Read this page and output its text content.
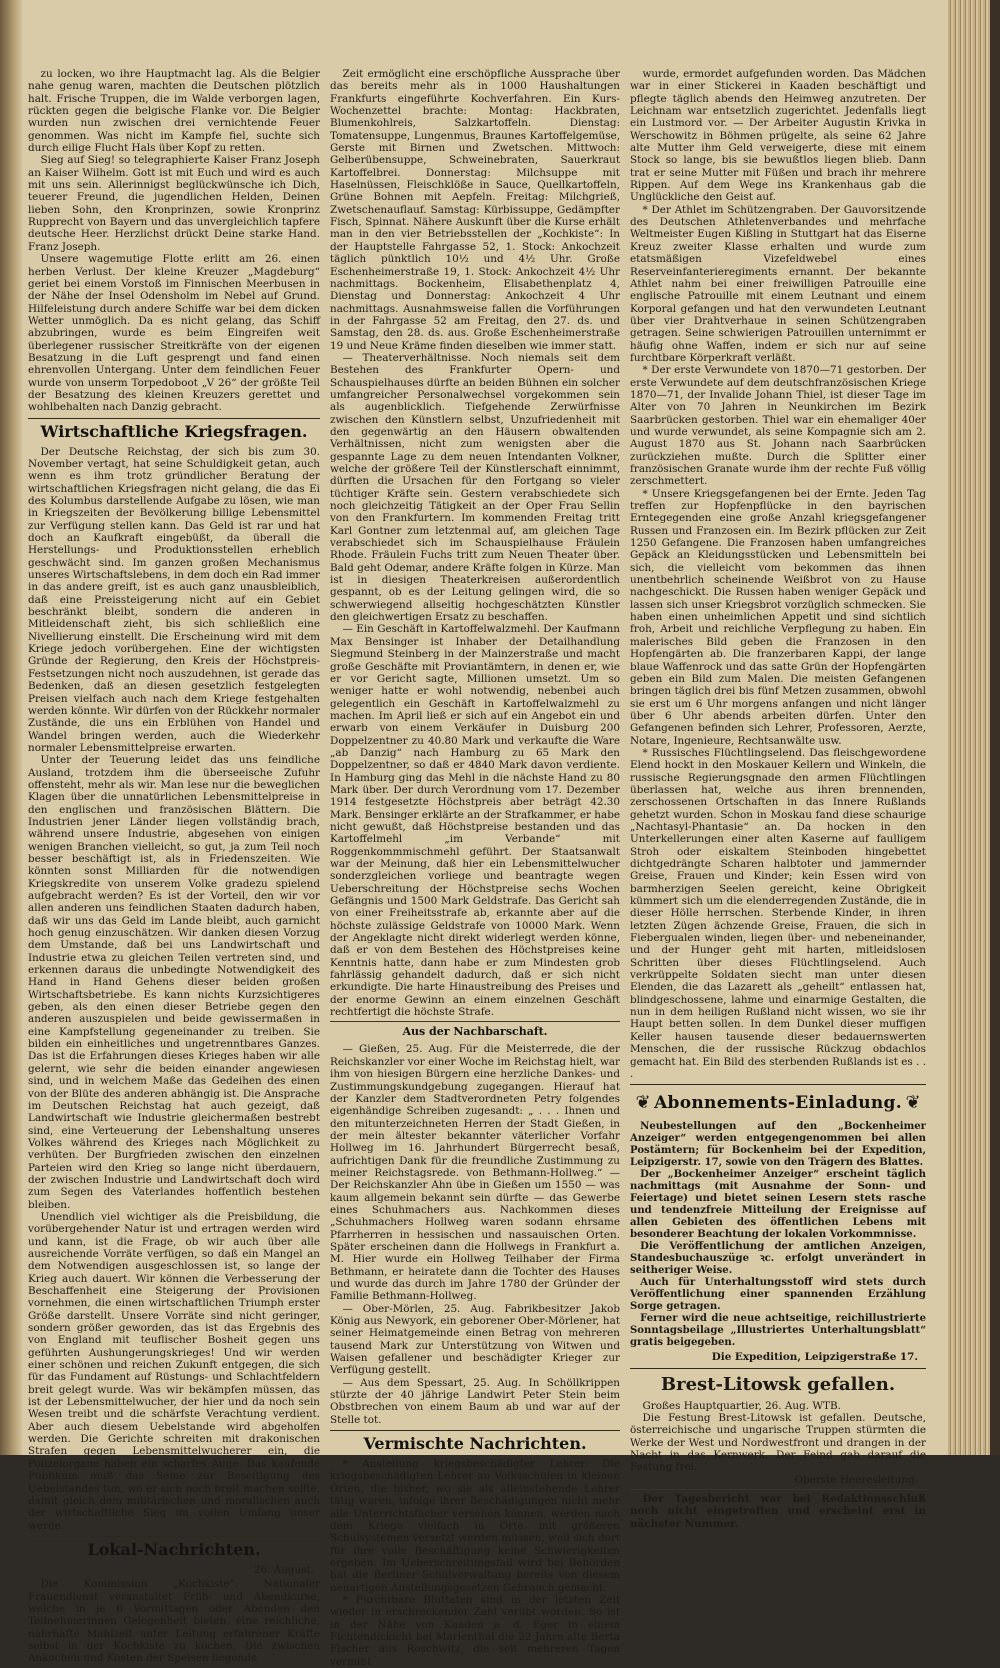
zu locken, wo ihre Hauptmacht lag. Als die Belgier nahe genug waren, machten die Deutschen plötzlich halt. Frische Truppen, die im Walde verborgen lagen, rückten gegen die belgische Flanke vor. Die Belgier wurden nun zwischen drei vernichtende Feuer genommen. Was nicht im Kampfe fiel, suchte sich durch eilige Flucht Hals über Kopf zu retten.

Sieg auf Sieg! so telegraphierte Kaiser Franz Joseph an Kaiser Wilhelm. Gott ist mit Euch und wird es auch mit uns sein. Allerinnigst beglückwünsche ich Dich, teuerer Freund, die jugendlichen Helden, Deinen lieben Sohn, den Kronprinzen, sowie Kronprinz Rupprecht von Bayern und das unvergleichlich tapfere deutsche Heer. Herzlichst drückt Deine starke Hand. Franz Joseph.

Unsere wagemutige Flotte erlitt am 26. einen herben Verlust. Der kleine Kreuzer „Magdeburg“ geriet bei einem Vorstoß im Finnischen Meerbusen in der Nähe der Insel Odensholm im Nebel auf Grund. Hilfeleistung durch andere Schiffe war bei dem dicken Wetter unmöglich. Da es nicht gelang, das Schiff abzubringen, wurde es beim Eingreifen weit überlegener russischer Streitkräfte von der eigenen Besatzung in die Luft gesprengt und fand einen ehrenvollen Untergang. Unter dem feindlichen Feuer wurde von unserm Torpedoboot „V 26“ der größte Teil der Besatzung des kleinen Kreuzers gerettet und wohlbehalten nach Danzig gebracht.

Wirtschaftliche Kriegsfragen.

Der Deutsche Reichstag, der sich bis zum 30. November vertagt, hat seine Schuldigkeit getan, auch wenn es ihm trotz gründlicher Beratung der wirtschaftlichen Kriegsfragen nicht gelang, die das Ei des Kolumbus darstellende Aufgabe zu lösen, wie man in Kriegszeiten der Bevölkerung billige Lebensmittel zur Verfügung stellen kann. Das Geld ist rar und hat doch an Kaufkraft eingebüßt, da überall die Herstellungs- und Produktionsstellen erheblich geschwächt sind. Im ganzen großen Mechanismus unseres Wirtschaftslebens, in dem doch ein Rad immer in das andere greift, ist es auch ganz unausbleiblich, daß eine Preissteigerung nicht auf ein Gebiet beschränkt bleibt, sondern die anderen in Mitleidenschaft zieht, bis sich schließlich eine Nivellierung einstellt. Die Erscheinung wird mit dem Kriege jedoch vorübergehen. Eine der wichtigsten Gründe der Regierung, den Kreis der Höchstpreis-Festsetzungen nicht noch auszudehnen, ist gerade das Bedenken, daß an diesen gesetzlich festgelegten Preisen vielfach auch nach dem Kriege festgehalten werden könnte. Wir dürfen von der Rückkehr normaler Zustände, die uns ein Erblühen von Handel und Wandel bringen werden, auch die Wiederkehr normaler Lebensmittelpreise erwarten.

Unter der Teuerung leidet das uns feindliche Ausland, trotzdem ihm die überseeische Zufuhr offensteht, mehr als wir. Man lese nur die beweglichen Klagen über die unnatürlichen Lebensmittelpreise in den englischen und französischen Blättern. Die Industrien jener Länder liegen vollständig brach, während unsere Industrie, abgesehen von einigen wenigen Branchen vielleicht, so gut, ja zum Teil noch besser beschäftigt ist, als in Friedenszeiten. Wie könnten sonst Milliarden für die notwendigen Kriegskredite von unserem Volke gradezu spielend aufgebracht werden? Es ist der Vorteil, den wir vor allen anderen uns feindlichen Staaten dadurch haben, daß wir uns das Geld im Lande bleibt, auch garnicht hoch genug einzuschätzen. Wir danken diesen Vorzug dem Umstande, daß bei uns Landwirtschaft und Industrie etwa zu gleichen Teilen vertreten sind, und erkennen daraus die unbedingte Notwendigkeit des Hand in Hand Gehens dieser beiden großen Wirtschaftsbetriebe. Es kann nichts Kurzsichtigeres geben, als den einen dieser Betriebe gegen den anderen auszuspielen und beide gewissermaßen in eine Kampfstellung gegeneinander zu treiben. Sie bilden ein einheitliches und ungetrenntbares Ganzes. Das ist die Erfahrungen dieses Krieges haben wir alle gelernt, wie sehr die beiden einander angewiesen sind, und in welchem Maße das Gedeihen des einen von der Blüte des anderen abhängig ist. Die Ansprache im Deutschen Reichstag hat auch gezeigt, daß Landwirtschaft wie Industrie gleichermaßen bestrebt sind, eine Verteuerung der Lebenshaltung unseres Volkes während des Krieges nach Möglichkeit zu verhüten. Der Burgfrieden zwischen den einzelnen Parteien wird den Krieg so lange nicht überdauern, der zwischen Industrie und Landwirtschaft doch wird zum Segen des Vaterlandes hoffentlich bestehen bleiben.

Unendlich viel wichtiger als die Preisbildung, die vorübergehender Natur ist und ertragen werden wird und kann, ist die Frage, ob wir auch über alle ausreichende Vorräte verfügen, so daß ein Mangel an dem Notwendigen ausgeschlossen ist, so lange der Krieg auch dauert. Wir können die Verbesserung der Beschaffenheit eine Steigerung der Provisionen vornehmen, die einen wirtschaftlichen Triumph erster Größe darstellt. Unsere Vorräte sind nicht geringer, sondern größer geworden, das ist das Ergebnis des von England mit teuflischer Bosheit gegen uns geführten Aushungerungskrieges! Und wir werden einer schönen und reichen Zukunft entgegen, die sich für das Fundament auf Rüstungs- und Schlachtfeldern breit gelegt wurde. Was wir bekämpfen müssen, das ist der Lebensmittelwucher, der hier und da noch sein Wesen treibt und die schärfste Verachtung verdient. Aber auch diesem Uebelstande wird abgeholfen werden. Die Gerichte schreiten mit drakonischen Strafen gegen Lebensmittelwucherer ein, die Polizeiorgane haben ein scharfes Auge. Das kaufende Publikum muß das Seine zur Beseitigung des Uebelstandes tun, wo er sich noch breit machen sollte, damit gleich dem militärischen und moralischen auch der wirtschaftliche Sieg im vollen Umfang unser werde.

Lokal-Nachrichten.
26. August.

Die Kommission „Kochkiste“, Nationaler Frauendienst veranstaltet Früh- und Abendkurse, welche in je 6 Vormittagen oder Abenden den Teilnehmerinnen Gelegenheit bieten, eine reichliche, nahrhafte Mahlzeit unter Leitung erfahrener Kräfte selbst in der Kochkiste zu kochen. Die zwischen Ankochen und Kosten der Speisen liegende

Zeit ermöglicht eine erschöpfliche Aussprache über das bereits mehr als in 1000 Haushaltungen Frankfurts eingeführte Kochverfahren. Ein Kurs-Wochenzettel brachte: Montag: Hackbraten, Blumenkohlreis, Salzkartoffeln. Dienstag: Tomatensuppe, Lungenmus, Braunes Kartoffelgemüse, Gerste mit Birnen und Zwetschen. Mittwoch: Gelberübensuppe, Schweinebraten, Sauerkraut Kartoffelbrei. Donnerstag: Milchsuppe mit Haselnüssen, Fleischklöße in Sauce, Quellkartoffeln, Grüne Bohnen mit Aepfeln. Freitag: Milchgrieß, Zwetschenauflauf. Samstag: Kürbissuppe, Gedämpfter Fisch, Spinnat. Nähere Auskunft über die Kurse erhält man in den vier Betriebsstellen der „Kochkiste“: In der Hauptstelle Fahrgasse 52, 1. Stock: Ankochzeit täglich pünktlich 10½ und 4½ Uhr. Große Eschenheimerstraße 19, 1. Stock: Ankochzeit 4½ Uhr nachmittags. Bockenheim, Elisabethenplatz 4, Dienstag und Donnerstag: Ankochzeit 4 Uhr nachmittags. Ausnahmsweise fallen die Vorführungen in der Fahrgasse 52 am Freitag, den 27. ds. und Samstag, den 28. ds. aus. Große Eschenheimerstraße 19 und Neue Kräme finden dieselben wie immer statt.

— Theaterverhältnisse. Noch niemals seit dem Bestehen des Frankfurter Opern- und Schauspielhauses dürfte an beiden Bühnen ein solcher umfangreicher Personalwechsel vorgekommen sein als augenblicklich. Tiefgehende Zerwürfnisse zwischen den Künstlern selbst, Unzufriedenheit mit den gegenwärtig an den Häusern obwaltenden Verhältnissen, nicht zum wenigsten aber die gespannte Lage zu dem neuen Intendanten Volkner, welche der größere Teil der Künstlerschaft einnimmt, dürften die Ursachen für den Fortgang so vieler tüchtiger Kräfte sein. Gestern verabschiedete sich noch gleichzeitig Tätigkeit an der Oper Frau Sellin von den Frankfurtern. Im kommenden Freitag tritt Karl Gontner zum letztenmal auf, am gleichen Tage verabschiedet sich im Schauspielhause Fräulein Rhode. Fräulein Fuchs tritt zum Neuen Theater über. Bald geht Odemar, andere Kräfte folgen in Kürze. Man ist in diesigen Theaterkreisen außerordentlich gespannt, ob es der Leitung gelingen wird, die so schwerwiegend allseitig hochgeschätzten Künstler den gleichwertigen Ersatz zu beschaffen.

— Ein Geschäft in Kartoffelwalzmehl. Der Kaufmann Max Bensinger ist Inhaber der Detailhandlung Siegmund Steinberg in der Mainzerstraße und macht große Geschäfte mit Proviantämtern, in denen er, wie er vor Gericht sagte, Millionen umsetzt. Um so weniger hatte er wohl notwendig, nebenbei auch gelegentlich ein Geschäft in Kartoffelwalzmehl zu machen. Im April ließ er sich auf ein Angebot ein und erwarb von einem Verkäufer in Duisburg 200 Doppelzentner zu 40.80 Mark und verkaufte die Ware „ab Danzig“ nach Hamburg zu 65 Mark den Doppelzentner, so daß er 4840 Mark davon verdiente. In Hamburg ging das Mehl in die nächste Hand zu 80 Mark über. Der durch Verordnung vom 17. Dezember 1914 festgesetzte Höchstpreis aber beträgt 42.30 Mark. Bensinger erklärte an der Strafkammer, er habe nicht gewußt, daß Höchstpreise bestanden und das Kartoffelmehl „im Verbande“ mit Roggenkommmischmehl geführt. Der Staatsanwalt war der Meinung, daß hier ein Lebensmittelwucher sonderzgleichen vorliege und beantragte wegen Ueberschreitung der Höchstpreise sechs Wochen Gefängnis und 1500 Mark Geldstrafe. Das Gericht sah von einer Freiheitsstrafe ab, erkannte aber auf die höchste zulässige Geldstrafe von 10000 Mark. Wenn der Angeklagte nicht direkt widerlegt werden könne, daß er von dem Bestehen des Höchstpreises keine Kenntnis hatte, dann habe er zum Mindesten grob fahrlässig gehandelt dadurch, daß er sich nicht erkundigte. Die harte Hinaustreibung des Preises und der enorme Gewinn an einem einzelnen Geschäft rechtfertigt die höchste Strafe.

Aus der Nachbarschaft.

— Gießen, 25. Aug. Für die Meisterrede, die der Reichskanzler vor einer Woche im Reichstag hielt, war ihm von hiesigen Bürgern eine herzliche Dankes- und Zustimmungskundgebung zugegangen. Hierauf hat der Kanzler dem Stadtverordneten Petry folgendes eigenhändige Schreiben zugesandt: „ . . . Ihnen und den mitunterzeichneten Herren der Stadt Gießen, in der mein ältester bekannter väterlicher Vorfahr Hollweg im 16. Jahrhundert Bürgerrecht besaß, aufrichtigen Dank für die freundliche Zustimmung zu meiner Reichstagsrede. von Bethmann-Hollweg.“ — Der Reichskanzler Ahn übe in Gießen um 1550 — was kaum allgemein bekannt sein dürfte — das Gewerbe eines Schuhmachers aus. Nachkommen dieses „Schuhmachers Hollweg waren sodann ehrsame Pfarrherren in hessischen und nassauischen Orten. Später erscheinen dann die Hollwegs in Frankfurt a. M. Hier wurde ein Hollweg Teilhaber der Firma Bethmann, er heiratete dann die Tochter des Hauses und wurde das durch im Jahre 1780 der Gründer der Familie Bethmann-Hollweg.

— Ober-Mörlen, 25. Aug. Fabrikbesitzer Jakob König aus Newyork, ein geborener Ober-Mörlener, hat seiner Heimatgemeinde einen Betrag von mehreren tausend Mark zur Unterstützung von Witwen und Waisen gefallener und beschädigter Krieger zur Verfügung gestellt.

— Aus dem Spessart, 25. Aug. In Schöllkrippen stürzte der 40 jährige Landwirt Peter Stein beim Obstbrechen von einem Baum ab und war auf der Stelle tot.

Vermischte Nachrichten.

* Anstellung kriegsbeschädigter Lehrer. Die kriegsbeschädigten Lehrer an Volksschulen in kleinen Orten, die bisher, wo sie als alleinstehende Lehrer tätig waren, infolge ihrer Beschädigungen nicht mehr alle Unterrichtsfächer versehen können, werden nach dem Kriege vielfach in Orte mit größeren Schulsystemen versetzt werden müssen, weil sich dort für ihre volle Beschäftigung keine Schwierigkeiten ergeben. Im Ueberschreitungsfall wird bei Behörden hat die Berliner Schulverwaltung bereits von diesem neuartigen Anstellungsgesetzen Gebrauch gemacht.

* Furchtbare Bluttaten sind in der letzten Zeit wieder in erschreckender Zahl verübt worden. So ist in der Nähe von Kaaden a. d. Eger in einem Fichtendickicht bei Marienthal die 22 Jahre alte Berta Fischer aus Roschwitz, die seit mehreren Tagen vermißt

wurde, ermordet aufgefunden worden. Das Mädchen war in einer Stickerei in Kaaden beschäftigt und pflegte täglich abends den Heimweg anzutreten. Der Leichnam war entsetzlich zugerichtet. Jedenfalls liegt ein Lustmord vor. — Der Arbeiter Augustin Krivka in Werschowitz in Böhmen prügelte, als seine 62 Jahre alte Mutter ihm Geld verweigerte, diese mit einem Stock so lange, bis sie bewußtlos liegen blieb. Dann trat er seine Mutter mit Füßen und brach ihr mehrere Rippen. Auf dem Wege ins Krankenhaus gab die Unglückliche den Geist auf.

* Der Athlet im Schützengraben. Der Gauvorsitzende des Deutschen Athletenverbandes und mehrfache Weltmeister Eugen Kißling in Stuttgart hat das Eiserne Kreuz zweiter Klasse erhalten und wurde zum etatsmäßigen Vizefeldwebel eines Reserveinfanterieregiments ernannt. Der bekannte Athlet nahm bei einer freiwilligen Patrouille eine englische Patrouille mit einem Leutnant und einem Korporal gefangen und hat den verwundeten Leutnant über vier Drahtverhaue in seinen Schützengraben getragen. Seine schwierigen Patrouillen unternimmt er häufig ohne Waffen, indem er sich nur auf seine furchtbare Körperkraft verläßt.

* Der erste Verwundete von 1870—71 gestorben. Der erste Verwundete auf dem deutschfranzösischen Kriege 1870—71, der Invalide Johann Thiel, ist dieser Tage im Alter von 70 Jahren in Neunkirchen im Bezirk Saarbrücken gestorben. Thiel war ein ehemaliger 40er und wurde verwundet, als seine Kompagnie sich am 2. August 1870 aus St. Johann nach Saarbrücken zurückziehen mußte. Durch die Splitter einer französischen Granate wurde ihm der rechte Fuß völlig zerschmettert.

* Unsere Kriegsgefangenen bei der Ernte. Jeden Tag treffen zur Hopfenpflücke in den bayrischen Erntegegenden eine große Anzahl kriegsgefangener Russen und Franzosen ein. Im Bezirk pflücken zur Zeit 1250 Gefangene. Die Franzosen haben umfangreiches Gepäck an Kleidungsstücken und Lebensmitteln bei sich, die vielleicht vom bekommen das ihnen unentbehrlich scheinende Weißbrot von zu Hause nachgeschickt. Die Russen haben weniger Gepäck und lassen sich unser Kriegsbrot vorzüglich schmecken. Sie haben einen unheimlichen Appetit und sind sichtlich froh, Arbeit und reichliche Verpflegung zu haben. Ein malerisches Bild geben die Franzosen in den Hopfengärten ab. Die franzerbaren Kappi, der lange blaue Waffenrock und das satte Grün der Hopfengärten geben ein Bild zum Malen. Die meisten Gefangenen bringen täglich drei bis fünf Metzen zusammen, obwohl sie erst um 6 Uhr morgens anfangen und nicht länger über 6 Uhr abends arbeiten dürfen. Unter den Gefangenen befinden sich Lehrer, Professoren, Aerzte, Notare, Ingenieure, Rechtsanwälte usw.

* Russisches Flüchtlingselend. Das fleischgewordene Elend hockt in den Moskauer Kellern und Winkeln, die russische Regierungsgnade den armen Flüchtlingen überlassen hat, welche aus ihren brennenden, zerschossenen Ortschaften in das Innere Rußlands gehetzt wurden. Schon in Moskau fand diese schaurige „Nachtasyl-Phantasie“ an. Da hocken in den Unterkellerungen einer alten Kaserne auf faulligem Stroh oder eiskaltem Steinboden hingebettet dichtgedrängte Scharen halbtoter und jammernder Greise, Frauen und Kinder; kein Essen wird von barmherzigen Seelen gereicht, keine Obrigkeit kümmert sich um die elenderregenden Zustände, die in dieser Hölle herrschen. Sterbende Kinder, in ihren letzten Zügen ächzende Greise, Frauen, die sich in Fiebergualen winden, liegen über- und nebeneinander, und der Hunger geht mit harten, mitleidslosen Schritten über dieses Flüchtlingselend. Auch verkrüppelte Soldaten siecht man unter diesen Elenden, die das Lazarett als „geheilt“ entlassen hat, blindgeschossene, lahme und einarmige Gestalten, die nun in dem heiligen Rußland nicht wissen, wo sie ihr Haupt betten sollen. In dem Dunkel dieser muffigen Keller hausen tausende dieser bedauernswerten Menschen, die der russische Rückzug obdachlos gemacht hat. Ein Bild des sterbenden Rußlands ist es . . .

❦ Abonnements-Einladung. ❦

Neubestellungen auf den „Bockenheimer Anzeiger“ werden entgegengenommen bei allen Postämtern; für Bockenheim bei der Expedition, Leipzigerstr. 17, sowie von den Trägern des Blattes.

Der „Bockenheimer Anzeiger“ erscheint täglich nachmittags (mit Ausnahme der Sonn- und Feiertage) und bietet seinen Lesern stets rasche und tendenzfreie Mitteilung der Ereignisse auf allen Gebieten des öffentlichen Lebens mit besonderer Beachtung der lokalen Vorkommnisse.

Die Veröffentlichung der amtlichen Anzeigen, Standesbuchauszüge ꝛc. erfolgt unverändert in seitheriger Weise.

Auch für Unterhaltungsstoff wird stets durch Veröffentlichung einer spannenden Erzählung Sorge getragen.

Ferner wird die neue achtseitige, reichillustrierte Sonntagsbeilage „Illustriertes Unterhaltungsblatt“ gratis beigegeben.

Die Expedition, Leipzigerstraße 17.
Brest-Litowsk gefallen.

Großes Hauptquartier, 26. Aug. WTB.

Die Festung Brest-Litowsk ist gefallen. Deutsche, österreichische und ungarische Truppen stürmten die Werke der West und Nordwestfront und drangen in der Nacht in das Kernwerk. Der Feind gab darauf die Festung frei.

Oberste Heeresleitung.

Der Tagesbericht war bei Redaktionsschluß noch nicht eingetroffen und erscheint erst in nächster Nummer.
